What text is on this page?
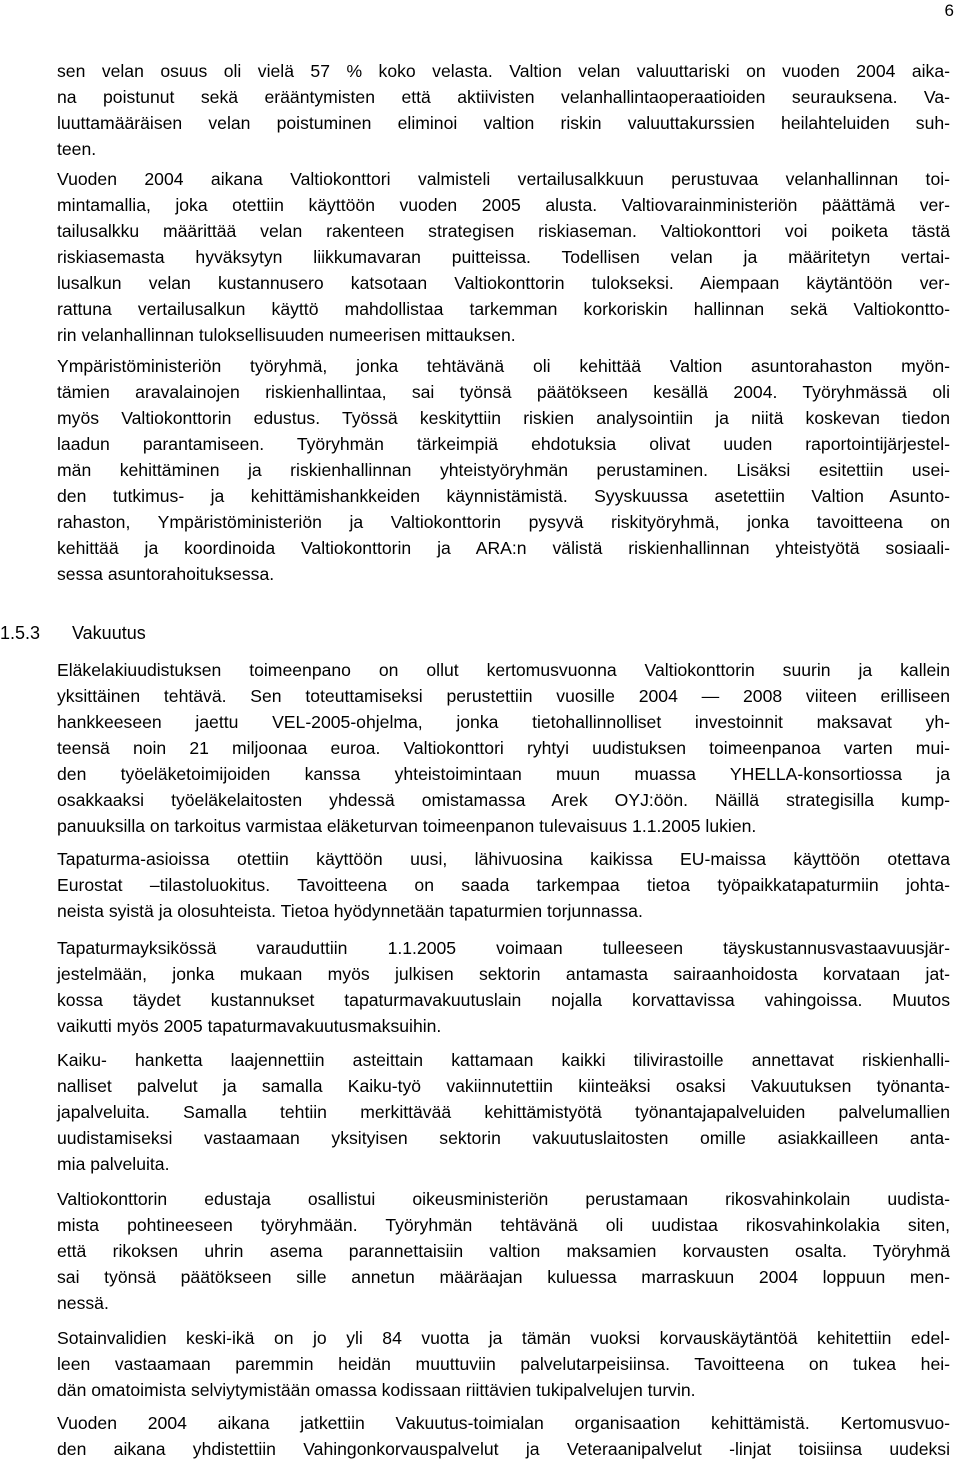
6
sen velan osuus oli vielä 57 % koko velasta. Valtion velan valuuttariski on vuoden 2004 aika-
na poistunut sekä erääntymisten että aktiivisten velanhallintaoperaatioiden seurauksena. Va-
luuttamääräisen velan poistuminen eliminoi valtion riskin valuuttakurssien heilahteluiden suh-
teen.
Vuoden 2004 aikana Valtiokonttori valmisteli vertailusalkkuun perustuvaa velanhallinnan toi-
mintamallia, joka otettiin käyttöön vuoden 2005 alusta. Valtiovarainministeriön päättämä ver-
tailusalkku määrittää velan rakenteen strategisen riskiaseman. Valtiokonttori voi poiketa tästä
riskiasemasta hyväksytyn liikkumavaran puitteissa. Todellisen velan ja määritetyn vertai-
lusalkun velan kustannusero katsotaan Valtiokonttorin tulokseksi. Aiempaan käytäntöön ver-
rattuna vertailusalkun käyttö mahdollistaa tarkemman korkoriskin hallinnan sekä Valtiokontto-
rin velanhallinnan tuloksellisuuden numeerisen mittauksen.
Ympäristöministeriön työryhmä, jonka tehtävänä oli kehittää Valtion asuntorahaston myön-
tämien aravalainojen riskienhallintaa, sai työnsä päätökseen kesällä 2004. Työryhmässä oli
myös Valtiokonttorin edustus. Työssä keskityttiin riskien analysointiin ja niitä koskevan tiedon
laadun parantamiseen. Työryhmän tärkeimpiä ehdotuksia olivat uuden raportointijärjestel-
män kehittäminen ja riskienhallinnan yhteistyöryhmän perustaminen. Lisäksi esitettiin usei-
den tutkimus- ja kehittämishankkeiden käynnistämistä. Syyskuussa asetettiin Valtion Asunto-
rahaston, Ympäristöministeriön ja Valtiokonttorin pysyvä riskityöryhmä, jonka tavoitteena on
kehittää ja koordinoida Valtiokonttorin ja ARA:n välistä riskienhallinnan yhteistyötä sosiaali-
sessa asuntorahoituksessa.
1.5.3 Vakuutus
Eläkelakiuudistuksen toimeenpano on ollut kertomusvuonna Valtiokonttorin suurin ja kallein
yksittäinen tehtävä. Sen toteuttamiseksi perustettiin vuosille 2004 — 2008 viiteen erilliseen
hankkeeseen jaettu VEL-2005-ohjelma, jonka tietohallinnolliset investoinnit maksavat yh-
teensä noin 21 miljoonaa euroa. Valtiokonttori ryhtyi uudistuksen toimeenpanoa varten mui-
den työeläketoimijoiden kanssa yhteistoimintaan muun muassa YHELLA-konsortiossa ja
osakkaaksi työeläkelaitosten yhdessä omistamassa Arek OYJ:öön. Näillä strategisilla kump-
panuuksilla on tarkoitus varmistaa eläketurvan toimeenpanon tulevaisuus 1.1.2005 lukien.
Tapaturma-asioissa otettiin käyttöön uusi, lähivuosina kaikissa EU-maissa käyttöön otettava
Eurostat –tilastoluokitus. Tavoitteena on saada tarkempaa tietoa työpaikkatapaturmiin johta-
neista syistä ja olosuhteista. Tietoa hyödynnetään tapaturmien torjunnassa.
Tapaturmayksikössä varauduttiin 1.1.2005 voimaan tulleeseen täyskustannusvastaavuusjär-
jestelmään, jonka mukaan myös julkisen sektorin antamasta sairaanhoidosta korvataan jat-
kossa täydet kustannukset tapaturmavakuutuslain nojalla korvattavissa vahingoissa. Muutos
vaikutti myös 2005 tapaturmavakuutusmaksuihin.
Kaiku- hanketta laajennettiin asteittain kattamaan kaikki tilivirastoille annettavat riskienhalli-
nalliset palvelut ja samalla Kaiku-työ vakiinnutettiin kiinteäksi osaksi Vakuutuksen työnanta-
japalveluita. Samalla tehtiin merkittävää kehittämistyötä työnantajapalveluiden palvelumallien
uudistamiseksi vastaamaan yksityisen sektorin vakuutuslaitosten omille asiakkailleen anta-
mia palveluita.
Valtiokonttorin edustaja osallistui oikeusministeriön perustamaan rikosvahinkolain uudista-
mista pohtineeseen työryhmään. Työryhmän tehtävänä oli uudistaa rikosvahinkolakia siten,
että rikoksen uhrin asema parannettaisiin valtion maksamien korvausten osalta. Työryhmä
sai työnsä päätökseen sille annetun määräajan kuluessa marraskuun 2004 loppuun men-
nessä.
Sotainvalidien keski-ikä on jo yli 84 vuotta ja tämän vuoksi korvauskäytäntöä kehitettiin edel-
leen vastaamaan paremmin heidän muuttuviin palvelutarpeisiinsa. Tavoitteena on tukea hei-
dän omatoimista selviytymistään omassa kodissaan riittävien tukipalvelujen turvin.
Vuoden 2004 aikana jatkettiin Vakuutus-toimialan organisaation kehittämistä. Kertomusvuo-
den aikana yhdistettiin Vahingonkorvauspalvelut ja Veteraanipalvelut -linjat toisiinsa uudeksi
